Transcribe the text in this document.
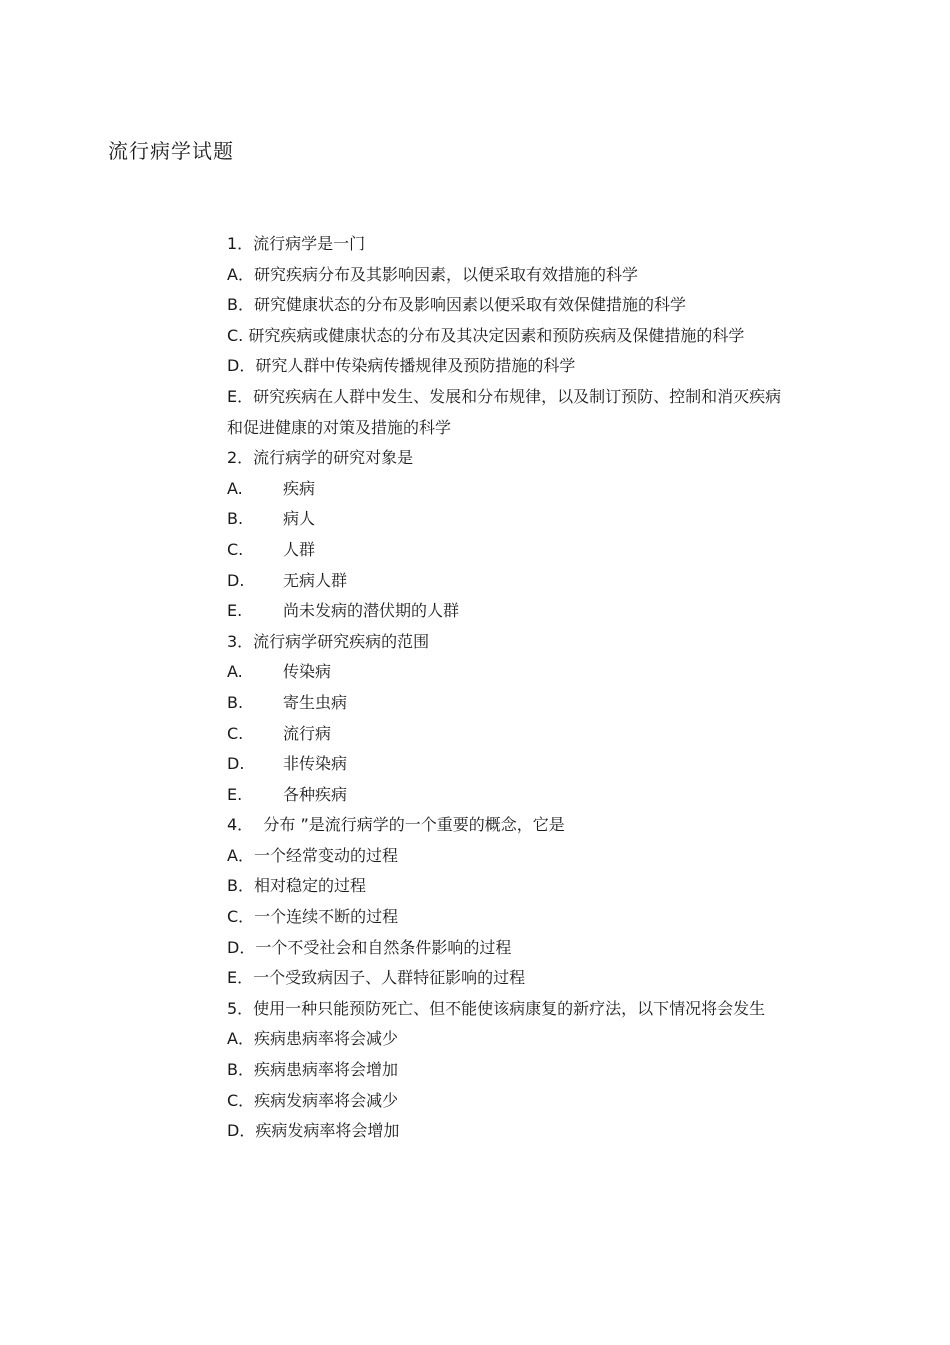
流行病学试题
1．流行病学是一门
A．研究疾病分布及其影响因素，以便采取有效措施的科学
B．研究健康状态的分布及影响因素以便采取有效保健措施的科学
C. 研究疾病或健康状态的分布及其决定因素和预防疾病及保健措施的科学
D．研究人群中传染病传播规律及预防措施的科学
E．研究疾病在人群中发生、发展和分布规律，以及制订预防、控制和消灭疾病和促进健康的对策及措施的科学
2．流行病学的研究对象是
A.	疾病
B. 病人
C. 人群
D. 无病人群
E.	尚未发病的潜伏期的人群
3．流行病学研究疾病的范围
A.	传染病
B. 寄生虫病
C. 流行病
D. 非传染病
E.	各种疾病
4．  分布 ”是流行病学的一个重要的概念，它是
A．一个经常变动的过程
B．相对稳定的过程
C．一个连续不断的过程
D．一个不受社会和自然条件影响的过程
E．一个受致病因子、人群特征影响的过程
5．使用一种只能预防死亡、但不能使该病康复的新疗法，以下情况将会发生
A．疾病患病率将会减少
B．疾病患病率将会增加
C．疾病发病率将会减少
D．疾病发病率将会增加
